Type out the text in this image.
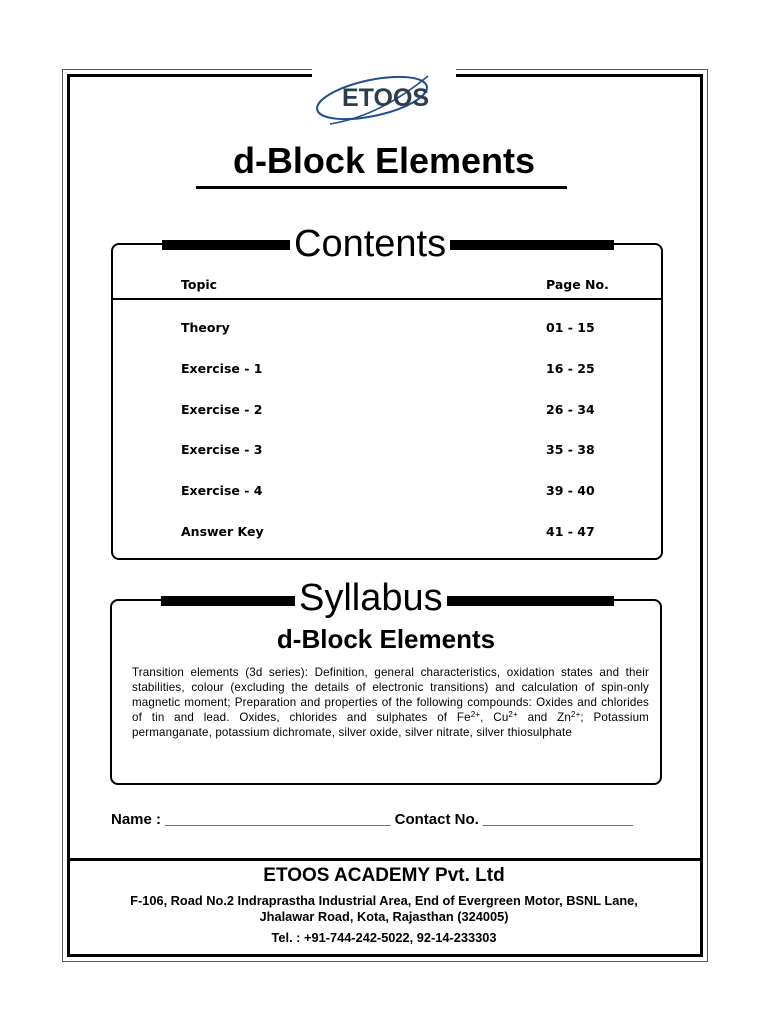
ETOOS
d-Block Elements
Contents
Topic	Page No.
Theory	01 - 15
Exercise - 1	16 - 25
Exercise - 2	26 - 34
Exercise - 3	35 - 38
Exercise - 4	39 - 40
Answer Key	41 - 47
Syllabus
d-Block Elements
Transition elements (3d series): Definition, general characteristics, oxidation states and their stabilities, colour (excluding the details of electronic transitions) and calculation of spin-only magnetic moment; Preparation and properties of the following compounds: Oxides and chlorides of tin and lead. Oxides, chlorides and sulphates of $Fe^{2+}$, $Cu^{2+}$ and $Zn^{2+}$; Potassium permanganate, potassium dichromate, silver oxide, silver nitrate, silver thiosulphate
Name : ___________________________ Contact No. __________________
ETOOS ACADEMY Pvt. Ltd
F-106, Road No.2 Indraprastha Industrial Area, End of Evergreen Motor, BSNL Lane,
Jhalawar Road, Kota, Rajasthan (324005)
Tel. : +91-744-242-5022, 92-14-233303
